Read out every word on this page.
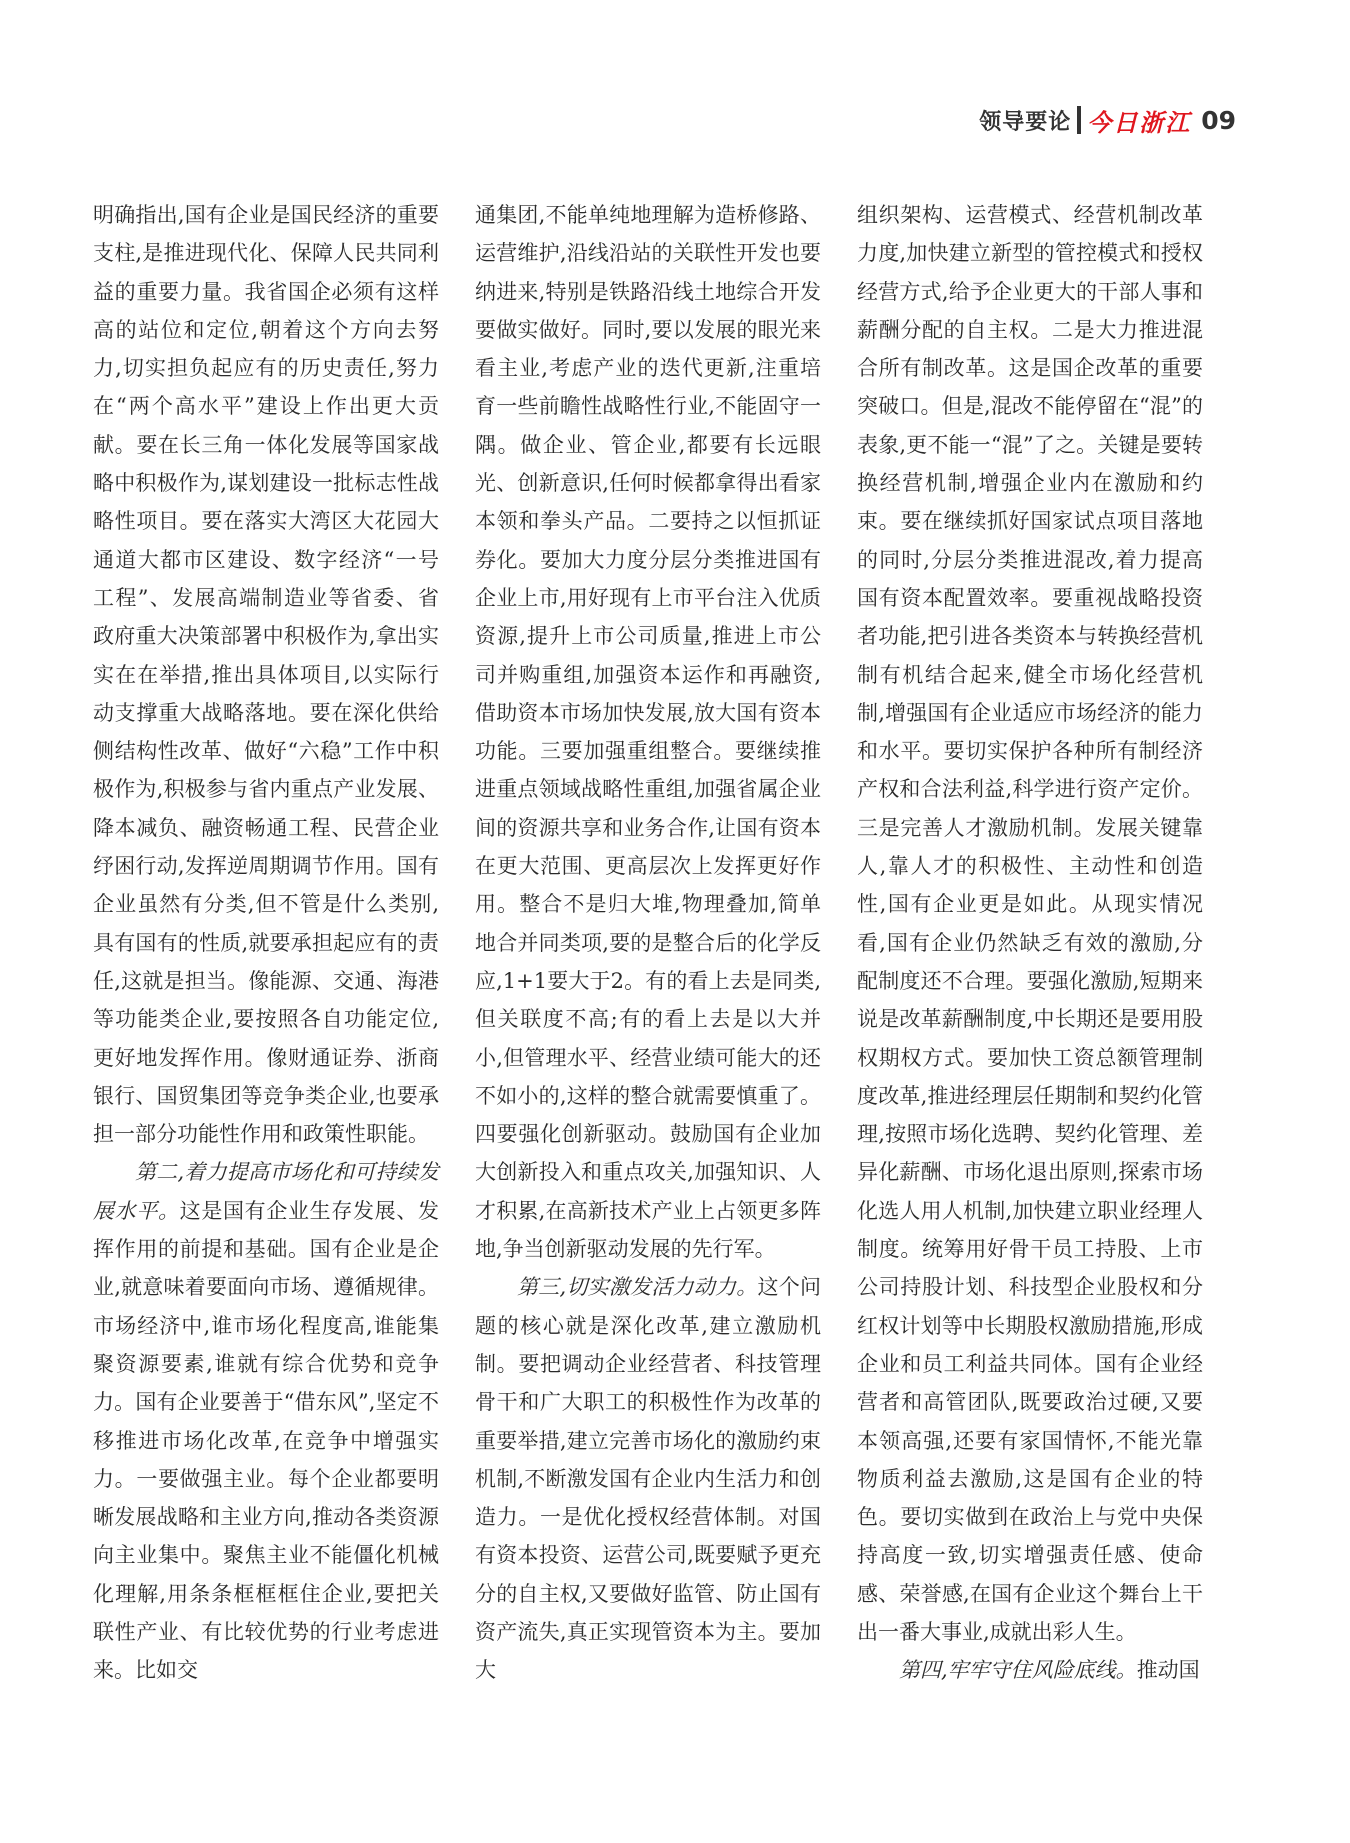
领导要论 今日浙江 09

明确指出,国有企业是国民经济的重要支柱,是推进现代化、保障人民共同利益的重要力量。我省国企必须有这样高的站位和定位,朝着这个方向去努力,切实担负起应有的历史责任,努力在“两个高水平”建设上作出更大贡献。要在长三角一体化发展等国家战略中积极作为,谋划建设一批标志性战略性项目。要在落实大湾区大花园大通道大都市区建设、数字经济“一号工程”、发展高端制造业等省委、省政府重大决策部署中积极作为,拿出实实在在举措,推出具体项目,以实际行动支撑重大战略落地。要在深化供给侧结构性改革、做好“六稳”工作中积极作为,积极参与省内重点产业发展、降本减负、融资畅通工程、民营企业纾困行动,发挥逆周期调节作用。国有企业虽然有分类,但不管是什么类别,具有国有的性质,就要承担起应有的责任,这就是担当。像能源、交通、海港等功能类企业,要按照各自功能定位,更好地发挥作用。像财通证券、浙商银行、国贸集团等竞争类企业,也要承担一部分功能性作用和政策性职能。

第二,着力提高市场化和可持续发展水平。这是国有企业生存发展、发挥作用的前提和基础。国有企业是企业,就意味着要面向市场、遵循规律。市场经济中,谁市场化程度高,谁能集聚资源要素,谁就有综合优势和竞争力。国有企业要善于“借东风”,坚定不移推进市场化改革,在竞争中增强实力。一要做强主业。每个企业都要明晰发展战略和主业方向,推动各类资源向主业集中。聚焦主业不能僵化机械化理解,用条条框框框住企业,要把关联性产业、有比较优势的行业考虑进来。比如交

通集团,不能单纯地理解为造桥修路、运营维护,沿线沿站的关联性开发也要纳进来,特别是铁路沿线土地综合开发要做实做好。同时,要以发展的眼光来看主业,考虑产业的迭代更新,注重培育一些前瞻性战略性行业,不能固守一隅。做企业、管企业,都要有长远眼光、创新意识,任何时候都拿得出看家本领和拳头产品。二要持之以恒抓证券化。要加大力度分层分类推进国有企业上市,用好现有上市平台注入优质资源,提升上市公司质量,推进上市公司并购重组,加强资本运作和再融资,借助资本市场加快发展,放大国有资本功能。三要加强重组整合。要继续推进重点领域战略性重组,加强省属企业间的资源共享和业务合作,让国有资本在更大范围、更高层次上发挥更好作用。整合不是归大堆,物理叠加,简单地合并同类项,要的是整合后的化学反应,1+1要大于2。有的看上去是同类,但关联度不高;有的看上去是以大并小,但管理水平、经营业绩可能大的还不如小的,这样的整合就需要慎重了。四要强化创新驱动。鼓励国有企业加大创新投入和重点攻关,加强知识、人才积累,在高新技术产业上占领更多阵地,争当创新驱动发展的先行军。

第三,切实激发活力动力。这个问题的核心就是深化改革,建立激励机制。要把调动企业经营者、科技管理骨干和广大职工的积极性作为改革的重要举措,建立完善市场化的激励约束机制,不断激发国有企业内生活力和创造力。一是优化授权经营体制。对国有资本投资、运营公司,既要赋予更充分的自主权,又要做好监管、防止国有资产流失,真正实现管资本为主。要加大

组织架构、运营模式、经营机制改革力度,加快建立新型的管控模式和授权经营方式,给予企业更大的干部人事和薪酬分配的自主权。二是大力推进混合所有制改革。这是国企改革的重要突破口。但是,混改不能停留在“混”的表象,更不能一“混”了之。关键是要转换经营机制,增强企业内在激励和约束。要在继续抓好国家试点项目落地的同时,分层分类推进混改,着力提高国有资本配置效率。要重视战略投资者功能,把引进各类资本与转换经营机制有机结合起来,健全市场化经营机制,增强国有企业适应市场经济的能力和水平。要切实保护各种所有制经济产权和合法利益,科学进行资产定价。三是完善人才激励机制。发展关键靠人,靠人才的积极性、主动性和创造性,国有企业更是如此。从现实情况看,国有企业仍然缺乏有效的激励,分配制度还不合理。要强化激励,短期来说是改革薪酬制度,中长期还是要用股权期权方式。要加快工资总额管理制度改革,推进经理层任期制和契约化管理,按照市场化选聘、契约化管理、差异化薪酬、市场化退出原则,探索市场化选人用人机制,加快建立职业经理人制度。统筹用好骨干员工持股、上市公司持股计划、科技型企业股权和分红权计划等中长期股权激励措施,形成企业和员工利益共同体。国有企业经营者和高管团队,既要政治过硬,又要本领高强,还要有家国情怀,不能光靠物质利益去激励,这是国有企业的特色。要切实做到在政治上与党中央保持高度一致,切实增强责任感、使命感、荣誉感,在国有企业这个舞台上干出一番大事业,成就出彩人生。

第四,牢牢守住风险底线。推动国
